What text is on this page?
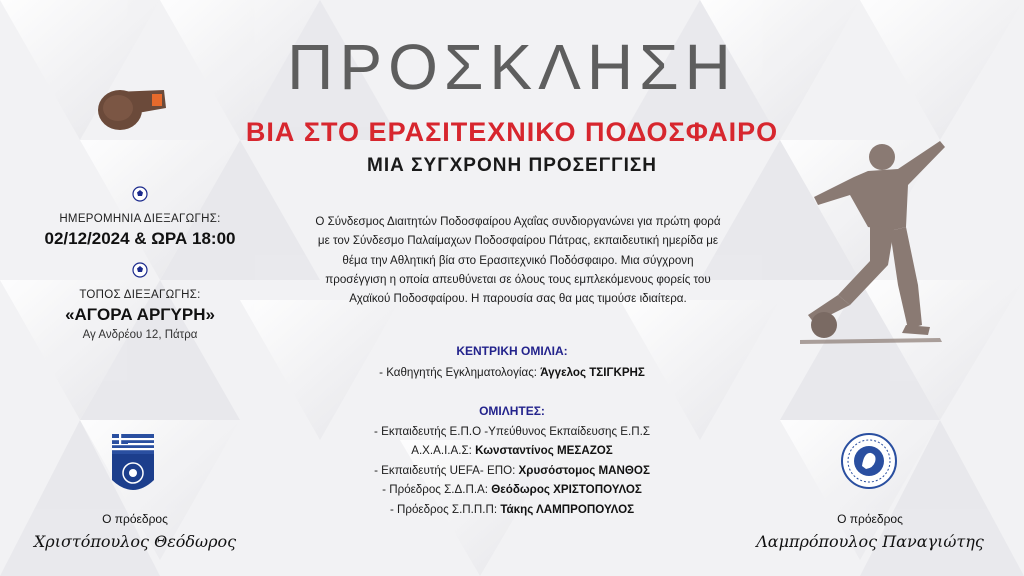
ΠΡΟΣΚΛΗΣΗ
ΒΙΑ ΣΤΟ ΕΡΑΣΙΤΕΧΝΙΚΟ ΠΟΔΟΣΦΑΙΡΟ
ΜΙΑ ΣΥΓΧΡΟΝΗ ΠΡΟΣΕΓΓΙΣΗ
ΗΜΕΡΟΜΗΝΙΑ ΔΙΕΞΑΓΩΓΗΣ:
02/12/2024 & ΩΡΑ 18:00
ΤΟΠΟΣ ΔΙΕΞΑΓΩΓΗΣ:
«ΑΓΟΡΑ ΑΡΓΥΡΗ»
Αγ Ανδρέου 12, Πάτρα
Ο Σύνδεσμος Διαιτητών Ποδοσφαίρου Αχαΐας συνδιοργανώνει για πρώτη φορά
με τον Σύνδεσμο Παλαίμαχων Ποδοσφαίρου Πάτρας, εκπαιδευτική ημερίδα με
θέμα την Αθλητική βία στο Ερασιτεχνικό Ποδόσφαιρο. Μια σύγχρονη
προσέγγιση η οποία απευθύνεται σε όλους τους εμπλεκόμενους φορείς του
Αχαϊκού Ποδοσφαίρου. Η παρουσία σας θα μας τιμούσε ιδιαίτερα.
ΚΕΝΤΡΙΚΗ ΟΜΙΛΙΑ:
- Καθηγητής Εγκληματολογίας: Άγγελος ΤΣΙΓΚΡΗΣ
ΟΜΙΛΗΤΕΣ:
- Εκπαιδευτής Ε.Π.Ο -Υπεύθυνος Εκπαίδευσης Ε.Π.Σ
Α.Χ.Α.Ι.Α.Σ: Κωνσταντίνος ΜΕΣΑΖΟΣ
- Εκπαιδευτής UEFA- ΕΠΟ: Χρυσόστομος ΜΑΝΘΟΣ
- Πρόεδρος Σ.Δ.Π.Α: Θεόδωρος ΧΡΙΣΤΟΠΟΥΛΟΣ
- Πρόεδρος Σ.Π.Π.Π: Τάκης ΛΑΜΠΡΟΠΟΥΛΟΣ
Ο πρόεδρος
Χριστόπουλος Θεόδωρος
Ο πρόεδρος
Λαμπρόπουλος Παναγιώτης
